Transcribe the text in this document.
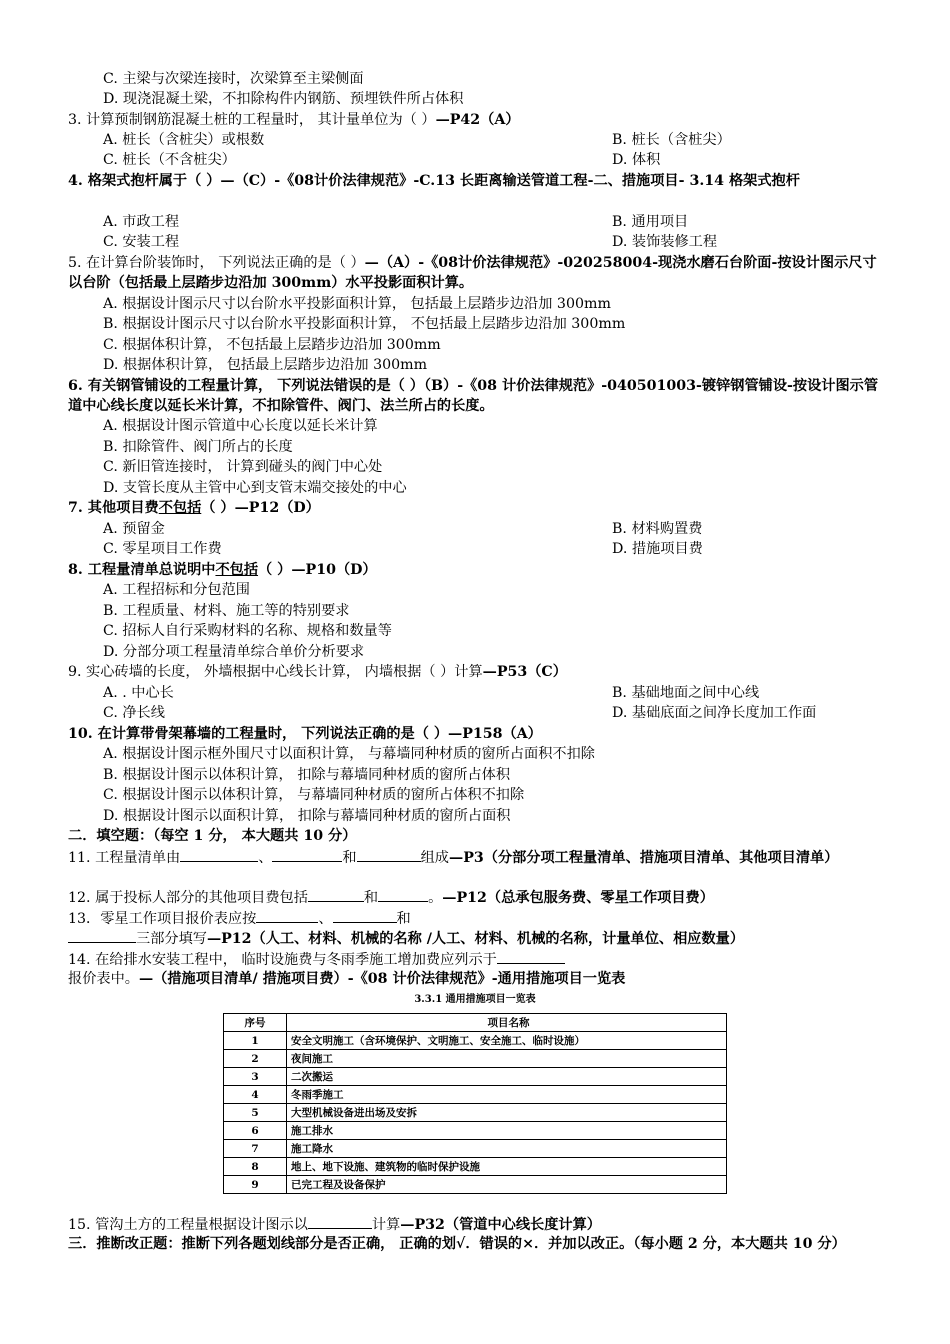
C. 主梁与次梁连接时，次梁算至主梁侧面
D. 现浇混凝土梁，不扣除构件内钢筋、预埋铁件所占体积
3. 计算预制钢筋混凝土桩的工程量时， 其计量单位为（ ）—P42（A）
A. 桩长（含桩尖）或根数	B. 桩长（含桩尖）
C. 桩长（不含桩尖）	D. 体积
4. 格架式抱杆属于（ ）—（C）-《08计价法律规范》-C.13 长距离输送管道工程-二、措施项目- 3.14 格架式抱杆
A. 市政工程	B. 通用项目
C. 安装工程	D. 装饰装修工程
5. 在计算台阶装饰时， 下列说法正确的是（ ）—（A）-《08计价法律规范》-020258004-现浇水磨石台阶面-按设计图示尺寸以台阶（包括最上层踏步边沿加 300mm）水平投影面积计算。
A. 根据设计图示尺寸以台阶水平投影面积计算， 包括最上层踏步边沿加 300mm
B. 根据设计图示尺寸以台阶水平投影面积计算， 不包括最上层踏步边沿加 300mm
C. 根据体积计算， 不包括最上层踏步边沿加 300mm
D. 根据体积计算， 包括最上层踏步边沿加 300mm
6. 有关钢管铺设的工程量计算， 下列说法错误的是（ ）（B）-《08 计价法律规范》-040501003-镀锌钢管铺设-按设计图示管道中心线长度以延长米计算，不扣除管件、阀门、法兰所占的长度。
A. 根据设计图示管道中心长度以延长米计算
B. 扣除管件、阀门所占的长度
C. 新旧管连接时， 计算到碰头的阀门中心处
D. 支管长度从主管中心到支管末端交接处的中心
7. 其他项目费不包括（ ）—P12（D）
A. 预留金	B. 材料购置费
C. 零星项目工作费	D. 措施项目费
8. 工程量清单总说明中不包括（ ）—P10（D）
A. 工程招标和分包范围
B. 工程质量、材料、施工等的特别要求
C. 招标人自行采购材料的名称、规格和数量等
D. 分部分项工程量清单综合单价分析要求
9. 实心砖墙的长度， 外墙根据中心线长计算， 内墙根据（ ）计算—P53（C）
A. . 中心长	B. 基础地面之间中心线
C. 净长线	D. 基础底面之间净长度加工作面
10. 在计算带骨架幕墙的工程量时， 下列说法正确的是（ ）—P158（A）
A. 根据设计图示框外围尺寸以面积计算， 与幕墙同种材质的窗所占面积不扣除
B. 根据设计图示以体积计算， 扣除与幕墙同种材质的窗所占体积
C. 根据设计图示以体积计算， 与幕墙同种材质的窗所占体积不扣除
D. 根据设计图示以面积计算， 扣除与幕墙同种材质的窗所占面积
二．填空题：（每空 1 分， 本大题共 10 分）
11. 工程量清单由	、	和	组成—P3（分部分项工程量清单、措施项目清单、其他项目清单）
12. 属于投标人部分的其他项目费包括	和	。—P12（总承包服务费、零星工作项目费）
13．零星工作项目报价表应按	、	和
三部分填写—P12（人工、材料、机械的名称 /人工、材料、机械的名称，计量单位、相应数量）
14. 在给排水安装工程中， 临时设施费与冬雨季施工增加费应列示于
报价表中。—（措施项目清单/ 措施项目费）-《08 计价法律规范》-通用措施项目一览表
3.3.1 通用措施项目一览表
序号	项目名称
1	安全文明施工（含环境保护、文明施工、安全施工、临时设施）
2	夜间施工
3	二次搬运
4	冬雨季施工
5	大型机械设备进出场及安拆
6	施工排水
7	施工降水
8	地上、地下设施、建筑物的临时保护设施
9	已完工程及设备保护
15. 管沟土方的工程量根据设计图示以	计算—P32（管道中心线长度计算）
三．推断改正题：推断下列各题划线部分是否正确， 正确的划√．错误的×．并加以改正。（每小题 2 分，本大题共 10 分）
